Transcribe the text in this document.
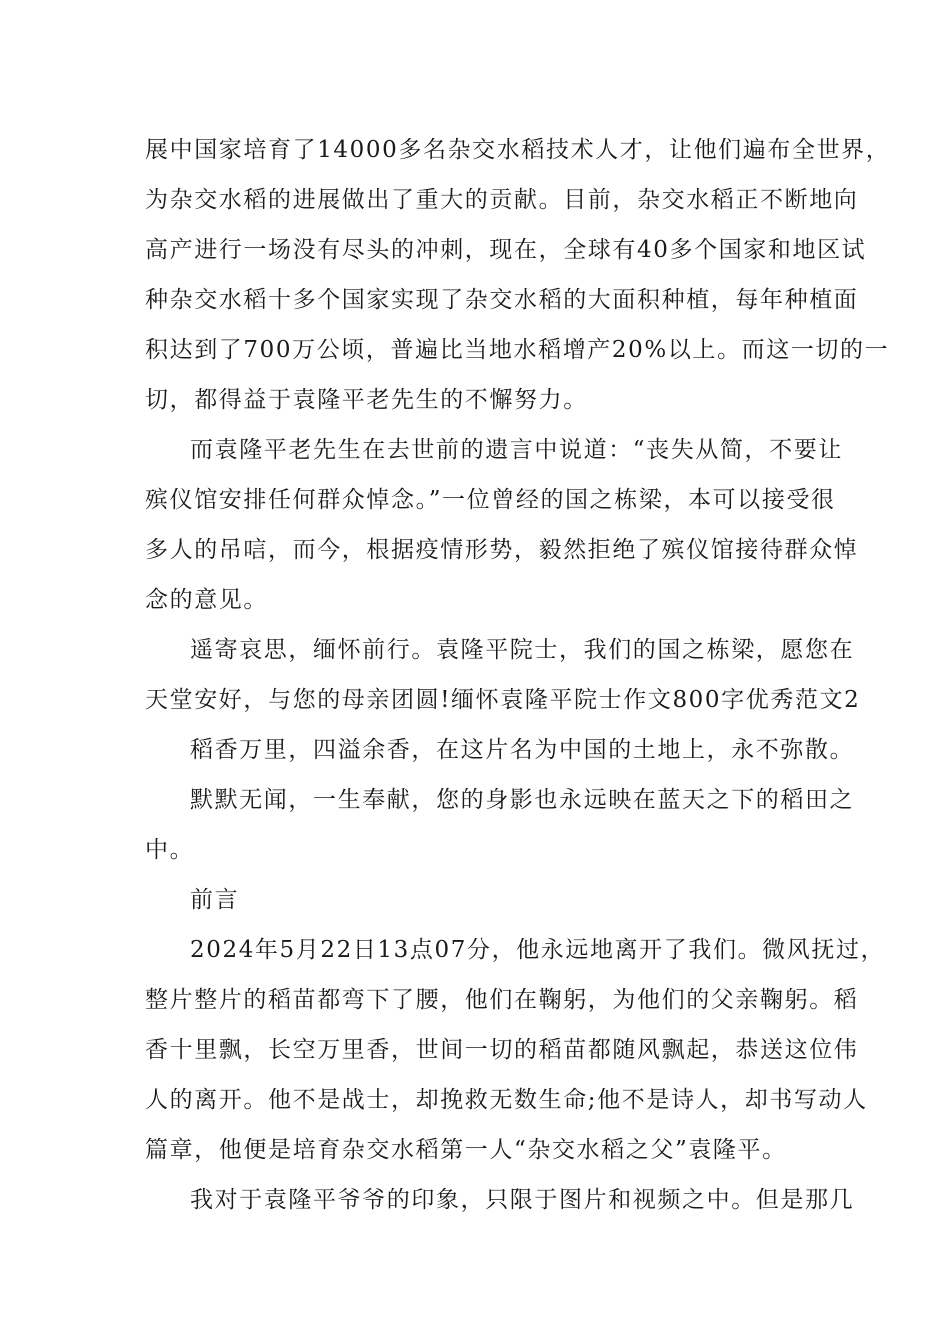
展中国家培育了14000多名杂交水稻技术人才，让他们遍布全世界，
为杂交水稻的进展做出了重大的贡献。目前，杂交水稻正不断地向
高产进行一场没有尽头的冲刺，现在，全球有40多个国家和地区试
种杂交水稻十多个国家实现了杂交水稻的大面积种植，每年种植面
积达到了700万公顷，普遍比当地水稻增产20%以上。而这一切的一
切，都得益于袁隆平老先生的不懈努力。
而袁隆平老先生在去世前的遗言中说道：“丧失从简，不要让
殡仪馆安排任何群众悼念。”一位曾经的国之栋梁，本可以接受很
多人的吊唁，而今，根据疫情形势，毅然拒绝了殡仪馆接待群众悼
念的意见。
遥寄哀思，缅怀前行。袁隆平院士，我们的国之栋梁，愿您在
天堂安好，与您的母亲团圆!缅怀袁隆平院士作文800字优秀范文2
稻香万里，四溢余香，在这片名为中国的土地上，永不弥散。
默默无闻，一生奉献，您的身影也永远映在蓝天之下的稻田之
中。
前言
2024年5月22日13点07分，他永远地离开了我们。微风抚过，
整片整片的稻苗都弯下了腰，他们在鞠躬，为他们的父亲鞠躬。稻
香十里飘，长空万里香，世间一切的稻苗都随风飘起，恭送这位伟
人的离开。他不是战士，却挽救无数生命;他不是诗人，却书写动人
篇章，他便是培育杂交水稻第一人“杂交水稻之父”袁隆平。
我对于袁隆平爷爷的印象，只限于图片和视频之中。但是那几
